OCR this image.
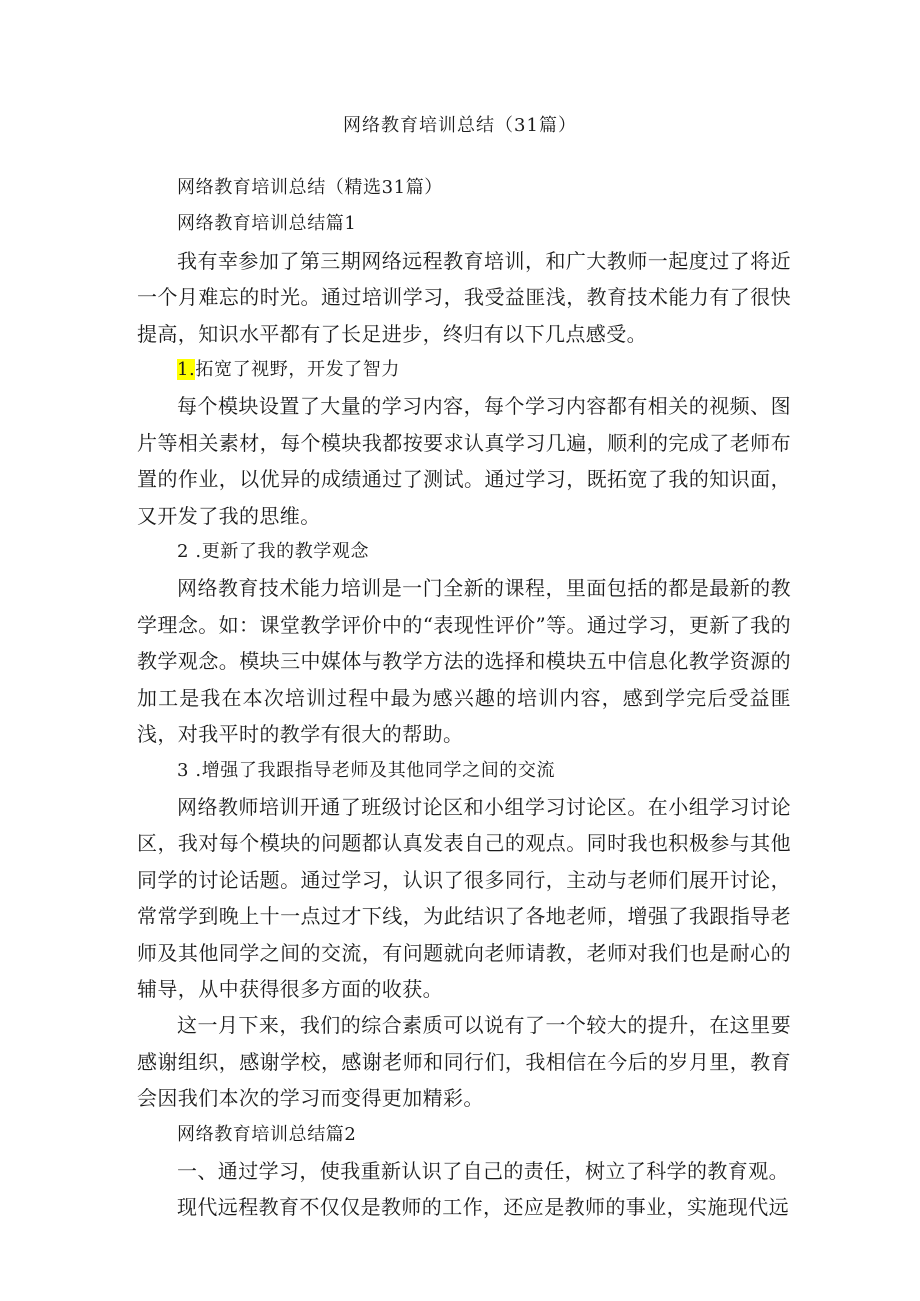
网络教育培训总结（31篇）

网络教育培训总结（精选31篇）

网络教育培训总结篇1

我有幸参加了第三期网络远程教育培训，和广大教师一起度过了将近一个月难忘的时光。通过培训学习，我受益匪浅，教育技术能力有了很快提高，知识水平都有了长足进步，终归有以下几点感受。

1.拓宽了视野，开发了智力

每个模块设置了大量的学习内容，每个学习内容都有相关的视频、图片等相关素材，每个模块我都按要求认真学习几遍，顺利的完成了老师布置的作业，以优异的成绩通过了测试。通过学习，既拓宽了我的知识面，又开发了我的思维。

2 .更新了我的教学观念

网络教育技术能力培训是一门全新的课程，里面包括的都是最新的教学理念。如：课堂教学评价中的“表现性评价”等。通过学习，更新了我的教学观念。模块三中媒体与教学方法的选择和模块五中信息化教学资源的加工是我在本次培训过程中最为感兴趣的培训内容，感到学完后受益匪浅，对我平时的教学有很大的帮助。

3 .增强了我跟指导老师及其他同学之间的交流

网络教师培训开通了班级讨论区和小组学习讨论区。在小组学习讨论区，我对每个模块的问题都认真发表自己的观点。同时我也积极参与其他同学的讨论话题。通过学习，认识了很多同行，主动与老师们展开讨论，常常学到晚上十一点过才下线，为此结识了各地老师，增强了我跟指导老师及其他同学之间的交流，有问题就向老师请教，老师对我们也是耐心的辅导，从中获得很多方面的收获。

这一月下来，我们的综合素质可以说有了一个较大的提升，在这里要感谢组织，感谢学校，感谢老师和同行们，我相信在今后的岁月里，教育会因我们本次的学习而变得更加精彩。

网络教育培训总结篇2

一、通过学习，使我重新认识了自己的责任，树立了科学的教育观。

现代远程教育不仅仅是教师的工作，还应是教师的事业，实施现代远
